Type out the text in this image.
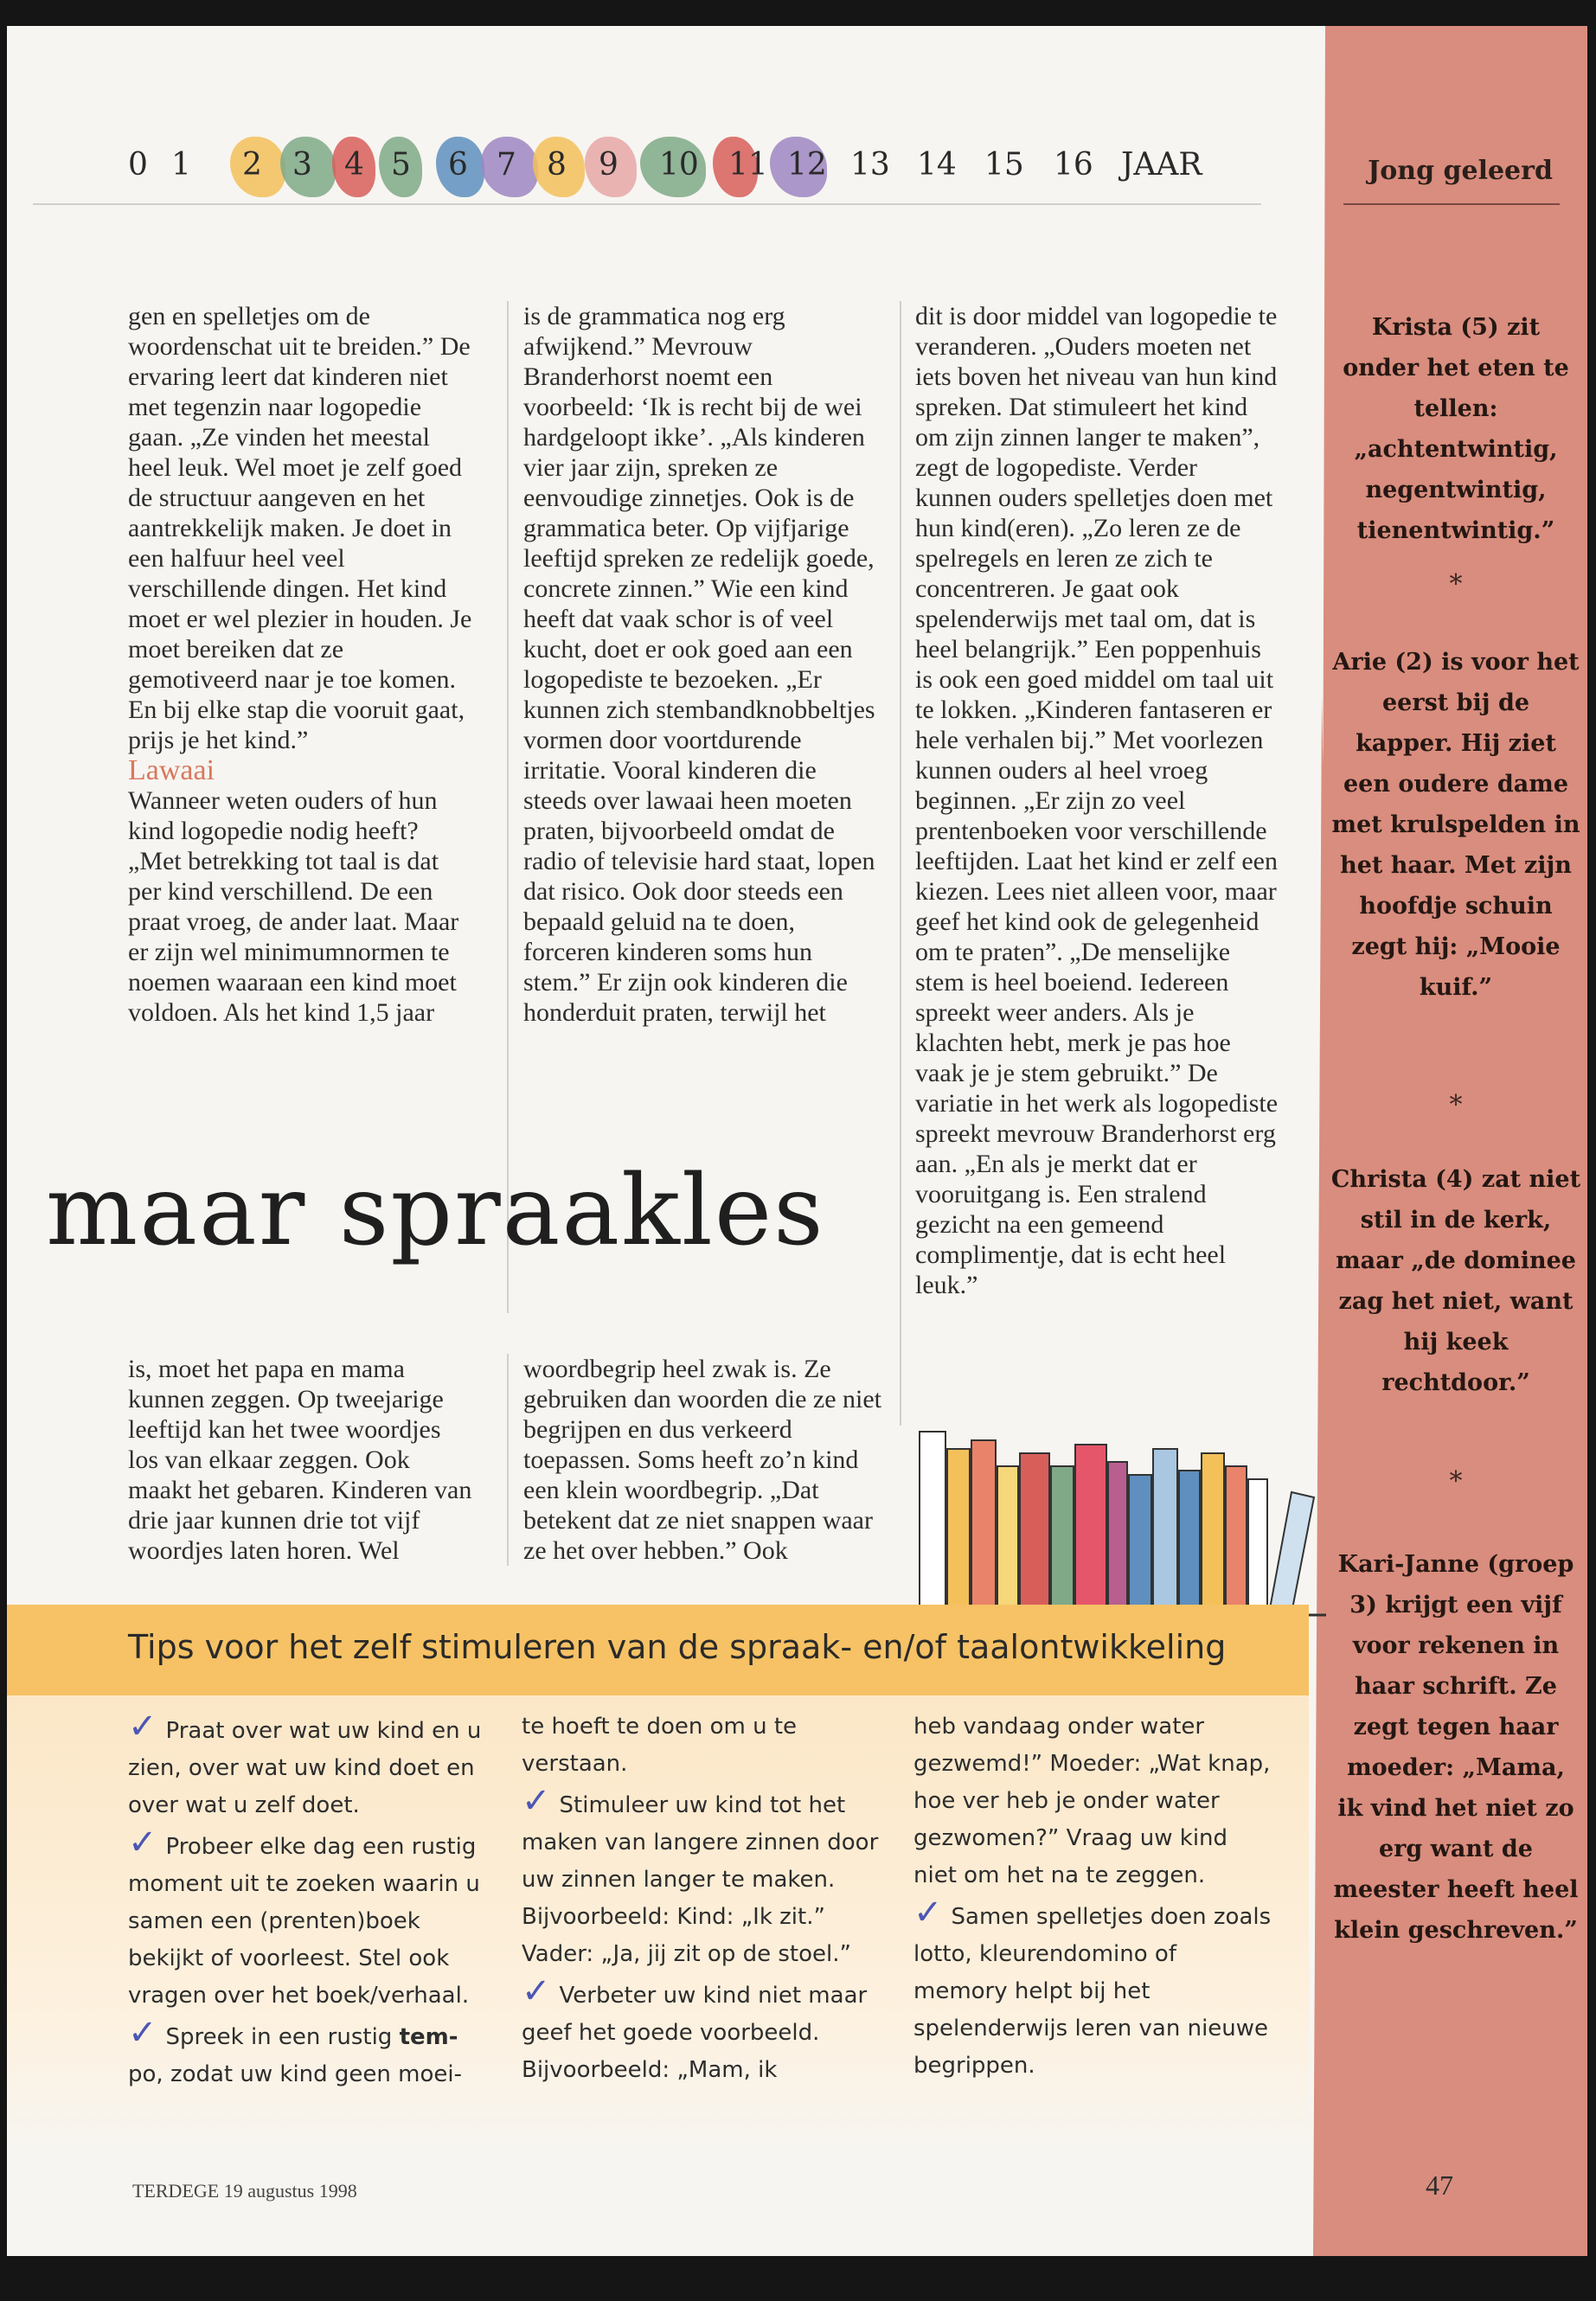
0 1 2 3 4 5 6 7 8 9 10 11 12 13 14 15 16 JAAR	Jong geleerd

gen en spelletjes om de woordenschat uit te breiden.” De ervaring leert dat kinderen niet met tegenzin naar logopedie gaan. „Ze vinden het meestal heel leuk. Wel moet je zelf goed de structuur aangeven en het aantrekkelijk maken. Je doet in een halfuur heel veel verschillende dingen. Het kind moet er wel plezier in houden. Je moet bereiken dat ze gemotiveerd naar je toe komen. En bij elke stap die vooruit gaat, prijs je het kind.”

Lawaai

Wanneer weten ouders of hun kind logopedie nodig heeft? „Met betrekking tot taal is dat per kind verschillend. De een praat vroeg, de ander laat. Maar er zijn wel minimumnormen te noemen waaraan een kind moet voldoen. Als het kind 1,5 jaar

is de grammatica nog erg afwijkend.” Mevrouw Branderhorst noemt een voorbeeld: ‘Ik is recht bij de wei hardgeloopt ikke’. „Als kinderen vier jaar zijn, spreken ze eenvoudige zinnetjes. Ook is de grammatica beter. Op vijfjarige leeftijd spreken ze redelijk goede, concrete zinnen.” Wie een kind heeft dat vaak schor is of veel kucht, doet er ook goed aan een logopediste te bezoeken. „Er kunnen zich stembandknobbeltjes vormen door voortdurende irritatie. Vooral kinderen die steeds over lawaai heen moeten praten, bijvoorbeeld omdat de radio of televisie hard staat, lopen dat risico. Ook door steeds een bepaald geluid na te doen, forceren kinderen soms hun stem.” Er zijn ook kinderen die honderduit praten, terwijl het

dit is door middel van logopedie te veranderen. „Ouders moeten net iets boven het niveau van hun kind spreken. Dat stimuleert het kind om zijn zinnen langer te maken”, zegt de logopediste. Verder kunnen ouders spelletjes doen met hun kind(eren). „Zo leren ze de spelregels en leren ze zich te concentreren. Je gaat ook spelenderwijs met taal om, dat is heel belangrijk.” Een poppenhuis is ook een goed middel om taal uit te lokken. „Kinderen fantaseren er hele verhalen bij.” Met voorlezen kunnen ouders al heel vroeg beginnen. „Er zijn zo veel prentenboeken voor verschillende leeftijden. Laat het kind er zelf een kiezen. Lees niet alleen voor, maar geef het kind ook de gelegenheid om te praten”. „De menselijke stem is heel boeiend. Iedereen spreekt weer anders. Als je klachten hebt, merk je pas hoe vaak je je stem gebruikt.” De variatie in het werk als logopediste spreekt mevrouw Branderhorst erg aan. „En als je merkt dat er vooruitgang is. Een stralend gezicht na een gemeend complimentje, dat is echt heel leuk.”

maar spraakles

is, moet het papa en mama kunnen zeggen. Op tweejarige leeftijd kan het twee woordjes los van elkaar zeggen. Ook maakt het gebaren. Kinderen van drie jaar kunnen drie tot vijf woordjes laten horen. Wel

woordbegrip heel zwak is. Ze gebruiken dan woorden die ze niet begrijpen en dus verkeerd toepassen. Soms heeft zo’n kind een klein woordbegrip. „Dat betekent dat ze niet snappen waar ze het over hebben.” Ook

Krista (5) zit onder het eten te tellen: „achtentwintig, negentwintig, tienentwintig.”
*
Arie (2) is voor het eerst bij de kapper. Hij ziet een oudere dame met krulspelden in het haar. Met zijn hoofdje schuin zegt hij: „Mooie kuif.”
*
Christa (4) zat niet stil in de kerk, maar „de dominee zag het niet, want hij keek rechtdoor.”
*
Kari-Janne (groep 3) krijgt een vijf voor rekenen in haar schrift. Ze zegt tegen haar moeder: „Mama, ik vind het niet zo erg want de meester heeft heel klein geschreven.”
Tips voor het zelf stimuleren van de spraak- en/of taalontwikkeling

✓ Praat over wat uw kind en u zien, over wat uw kind doet en over wat u zelf doet.

✓ Probeer elke dag een rustig moment uit te zoeken waarin u samen een (prenten)boek bekijkt of voorleest. Stel ook vragen over het boek/verhaal.

✓ Spreek in een rustig tem-po, zodat uw kind geen moei-

te hoeft te doen om u te verstaan.

✓ Stimuleer uw kind tot het maken van langere zinnen door uw zinnen langer te maken. Bijvoorbeeld: Kind: „Ik zit.” Vader: „Ja, jij zit op de stoel.”

✓ Verbeter uw kind niet maar geef het goede voorbeeld. Bijvoorbeeld: „Mam, ik

heb vandaag onder water gezwemd!” Moeder: „Wat knap, hoe ver heb je onder water gezwomen?” Vraag uw kind niet om het na te zeggen.

✓ Samen spelletjes doen zoals lotto, kleurendomino of memory helpt bij het spelenderwijs leren van nieuwe begrippen.

TERDEGE 19 augustus 1998	47
